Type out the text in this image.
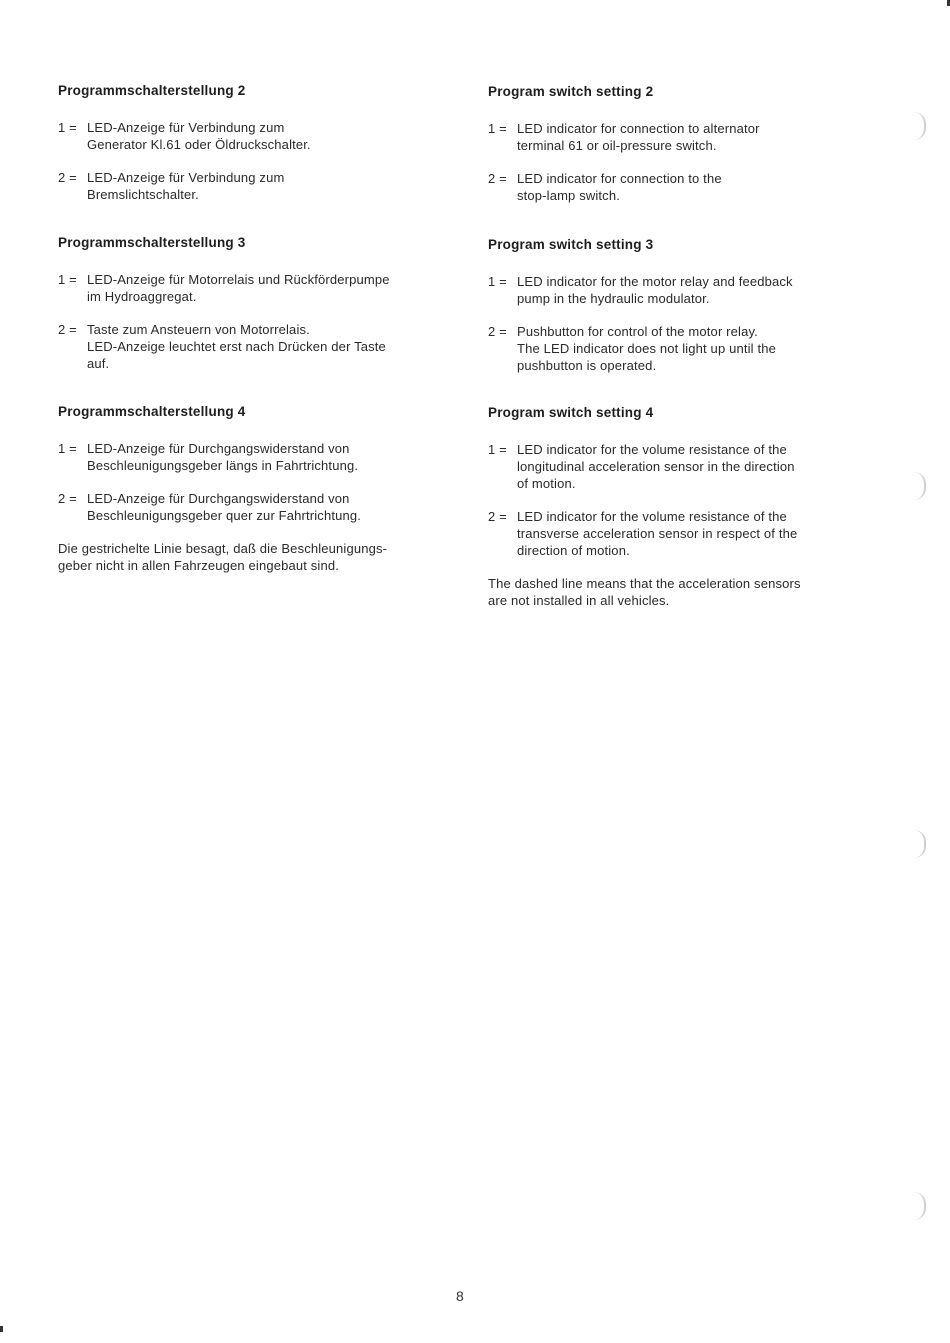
Programmschalterstellung 2
1 = LED-Anzeige für Verbindung zum
Generator Kl.61 oder Öldruckschalter.
2 = LED-Anzeige für Verbindung zum
Bremslichtschalter.
Programmschalterstellung 3
1 = LED-Anzeige für Motorrelais und Rückförderpumpe
im Hydroaggregat.
2 = Taste zum Ansteuern von Motorrelais.
LED-Anzeige leuchtet erst nach Drücken der Taste
auf.
Programmschalterstellung 4
1 = LED-Anzeige für Durchgangswiderstand von
Beschleunigungsgeber längs in Fahrtrichtung.
2 = LED-Anzeige für Durchgangswiderstand von
Beschleunigungsgeber quer zur Fahrtrichtung.
Die gestrichelte Linie besagt, daß die Beschleunigungs-
geber nicht in allen Fahrzeugen eingebaut sind.
Program switch setting 2
1 = LED indicator for connection to alternator
terminal 61 or oil-pressure switch.
2 = LED indicator for connection to the
stop-lamp switch.
Program switch setting 3
1 = LED indicator for the motor relay and feedback
pump in the hydraulic modulator.
2 = Pushbutton for control of the motor relay.
The LED indicator does not light up until the
pushbutton is operated.
Program switch setting 4
1 = LED indicator for the volume resistance of the
longitudinal acceleration sensor in the direction
of motion.
2 = LED indicator for the volume resistance of the
transverse acceleration sensor in respect of the
direction of motion.
The dashed line means that the acceleration sensors
are not installed in all vehicles.
8
